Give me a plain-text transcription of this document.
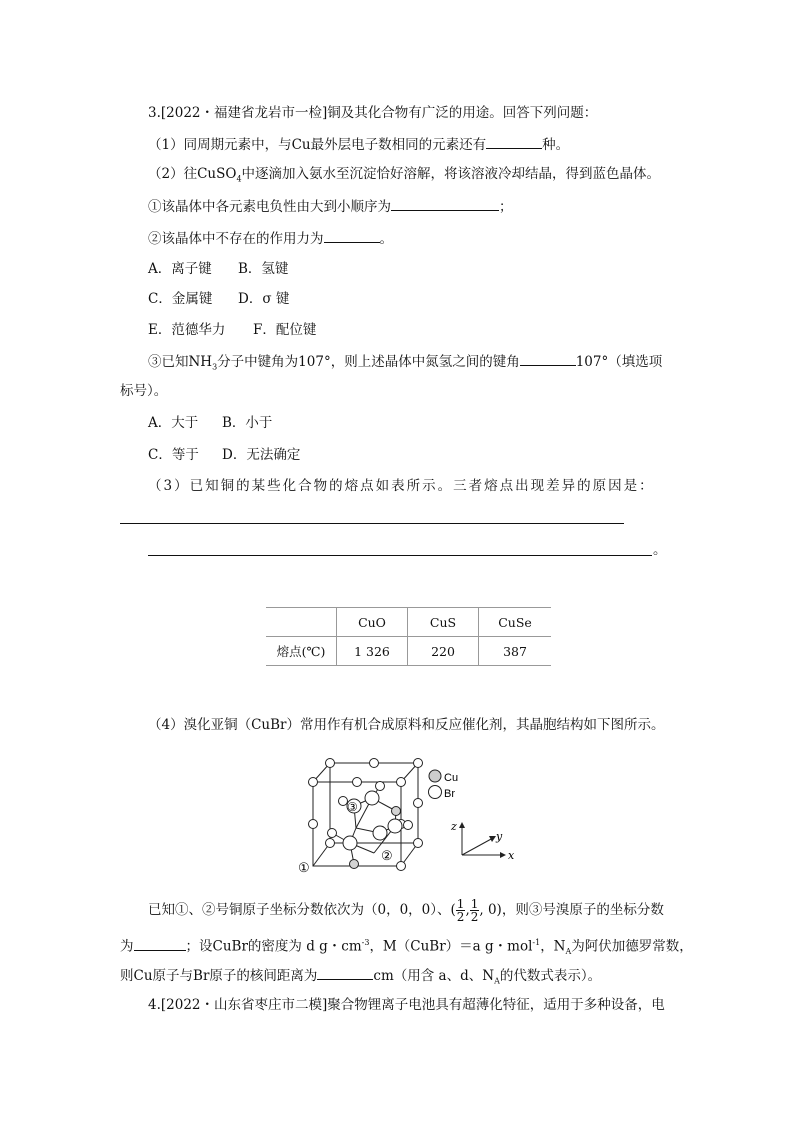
3.[2022・福建省龙岩市一检]铜及其化合物有广泛的用途。回答下列问题：
（1）同周期元素中，与Cu最外层电子数相同的元素还有	种。
（2）往CuSO$_4$中逐滴加入氨水至沉淀恰好溶解，将该溶液冷却结晶，得到蓝色晶体。
①该晶体中各元素电负性由大到小顺序为	；
②该晶体中不存在的作用力为	。
A．离子键 B．氢键
C．金属键 D．σ 键
E．范德华力 F．配位键
③已知$NH_3$分子中键角为107°，则上述晶体中氮氢之间的键角	107°（填选项
标号）。
A．大于 B．小于
C．等于 D．无法确定
（3）已知铜的某些化合物的熔点如表所示。三者熔点出现差异的原因是：
。
	CuO	CuS	CuSe
熔点(℃)	1 326	220	387
（4）溴化亚铜（CuBr）常用作有机合成原料和反应催化剂，其晶胞结构如下图所示。
Cu
Br
①
②
③
z
y
x
已知①、②号铜原子坐标分数依次为（0，0，0）、( $\frac{1}{2}$ , $\frac{1}{2}$ , 0)，则③号溴原子的坐标分数
为	；设CuBr的密度为 d g・$cm^{-3}$，M（CuBr）＝a g・mol$^{-1}$，$N_A$为阿伏加德罗常数，
则Cu原子与Br原子的核间距离为	cm（用含 a、d、$N_A$的代数式表示）。
4.[2022・山东省枣庄市二模]聚合物锂离子电池具有超薄化特征，适用于多种设备，电
